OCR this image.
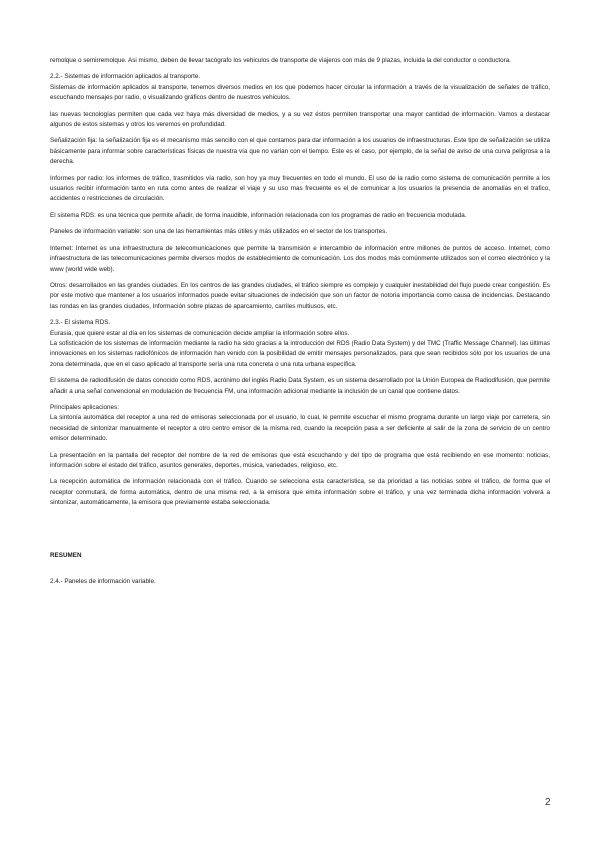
remolque o semirremolque. Asi mismo, deben de llevar tacógrafo los vehiculos de transporte de viajeros con más de 9 plazas, incluida la del conductor o conductora.

2.2.- Sistemas de información aplicados al transporte.

Sistemas de información aplicados al transporte, tenemos diversos medios en los que podemos hacer circular la información a través de la visualización de señales de tráfico, escuchando mensajes por radio, o visualizando gráficos dentro de nuestros vehiculos.

las nuevas tecnologías permiten que cada vez haya más diversidad de medios, y a su vez éstos permiten transportar una mayor cantidad de información. Vamos a destacar algunos de estos sistemas y otros los veremos en profundidad.

Señalización fija: la señalización fija es el mecanismo más sencillo con el que contamos para dar información a los usuarios de infraestructuras. Este tipo de señalización se utiliza básicamente para informar sobre características físicas de nuestra vía que no varían con el tiempo. Este es el caso, por ejemplo, de la señal de aviso de una curva peligrosa a la derecha.

Informes por radio: los informes de tráfico, trasmitidos vía radio, son hoy ya muy frecuentes en todo el mundo. El uso de la radio como sistema de comunicación permite a los usuarios recibir información tanto en ruta como antes de realizar el viaje y su uso mas frecuente es el de comunicar a los usuarios la presencia de anomalías en el trafico, accidentes o restricciones de circulación.

El sistema RDS: es una técnica que permite añadir, de forma inaudible, información relacionada con los programas de radio en frecuencia modulada.

Paneles de información variable: son una de las herramientas más útiles y más utilizados en el sector de los transportes.

Internet: Internet es una infraestructura de telecomunicaciones que permite la transmisión e intercambio de información entre millones de puntos de acceso. Internet, como infraestructura de las telecomunicaciones permite diversos modos de establecimiento de comunicación. Los dos modos más comúnmente utilizados son el correo electrónico y la www (world wide web).

Otros: desarrollados en las grandes ciudades. En los centros de las grandes ciudades, el tráfico siempre es complejo y cualquier inestabilidad del flujo puede crear congestión. Es por este motivo que mantener a los usuarios informados puede evitar situaciones de indecisión que son un factor de notoria importancia como causa de incidencias. Destacando las rondas en las grandes ciudades, Información sobre plazas de aparcamiento, carriles multiusos, etc.

2.3.- El sistema RDS.

Eurasia, que quiere estar al día en los sistemas de comunicación decide ampliar la información sobre ellos.

La sofisticación de los sistemas de información mediante la radio ha sido gracias a la introducción del RDS (Radio Data System) y del TMC (Traffic Message Channel). las últimas innovaciones en los sistemas radiofónicos de información han venido con la posibilidad de emitir mensajes personalizados, para que sean recibidos sólo por los usuarios de una zona determinada, que en el caso aplicado al transporte sería una ruta concreta o una ruta urbana específica.

El sistema de radiodifusión de datos conocido como RDS, acrónimo del inglés Radio Data System, es un sistema desarrollado por la Unión Europea de Radiodifusión, que permite añadir a una señal convencional en modulación de frecuencia FM, una información adicional mediante la inclusión de un canal que contiene datos.

Principales aplicaciones:

La sintonía automática del receptor a una red de emisoras seleccionada por el usuario, lo cual, le permite escuchar el mismo programa durante un largo viaje por carretera, sin necesidad de sintonizar manualmente el receptor a otro centro emisor de la misma red, cuando la recepción pasa a ser deficiente al salir de la zona de servicio de un centro emisor determinado.

La presentación en la pantalla del receptor del nombre de la red de emisoras que está escuchando y del tipo de programa que está recibiendo en ese momento: noticias, información sobre el estado del tráfico, asuntos generales, deportes, música, variedades, religioso, etc.

La recepción automática de información relacionada con el tráfico. Cuando se selecciona esta característica, se da prioridad a las noticias sobre el tráfico, de forma que el receptor conmutará, de forma automática, dentro de una misma red, a la emisora que emita información sobre el tráfico, y una vez terminada dicha información volverá a sintonizar, automáticamente, la emisora que previamente estaba seleccionada.

RESUMEN

2.4.- Paneles de información variable.

2
